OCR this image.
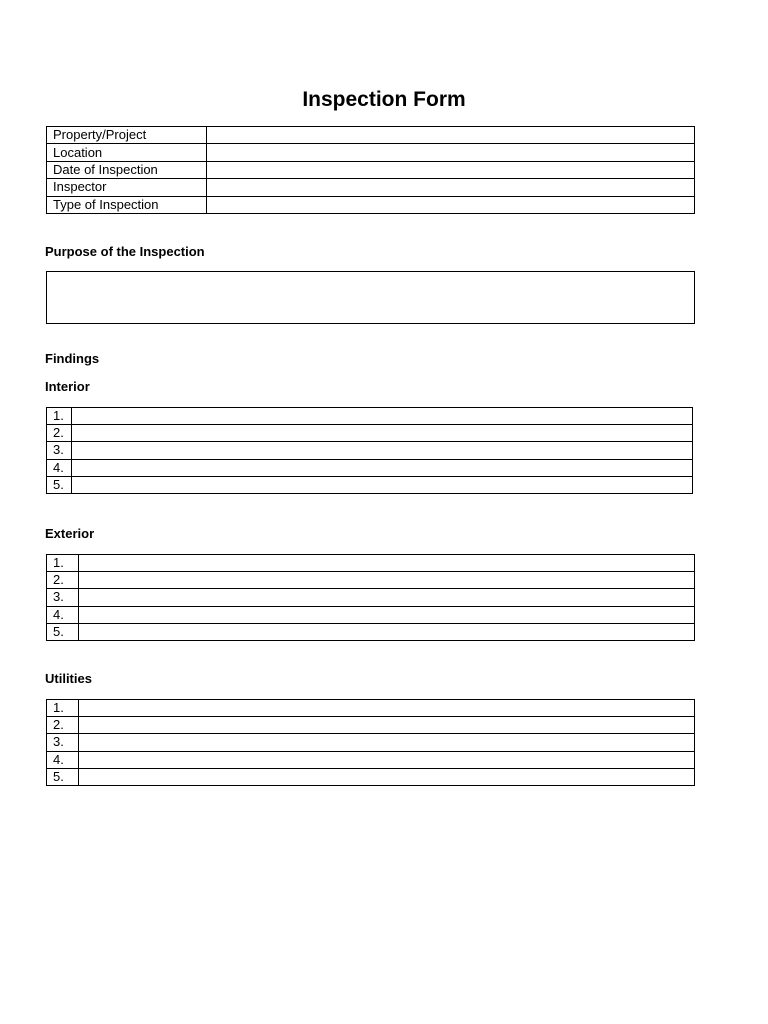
Inspection Form
Property/Project	
Location	
Date of Inspection	
Inspector	
Type of Inspection	
Purpose of the Inspection
Findings
Interior
1.	
2.	
3.	
4.	
5.	
Exterior
1.	
2.	
3.	
4.	
5.	
Utilities
1.	
2.	
3.	
4.	
5.	
